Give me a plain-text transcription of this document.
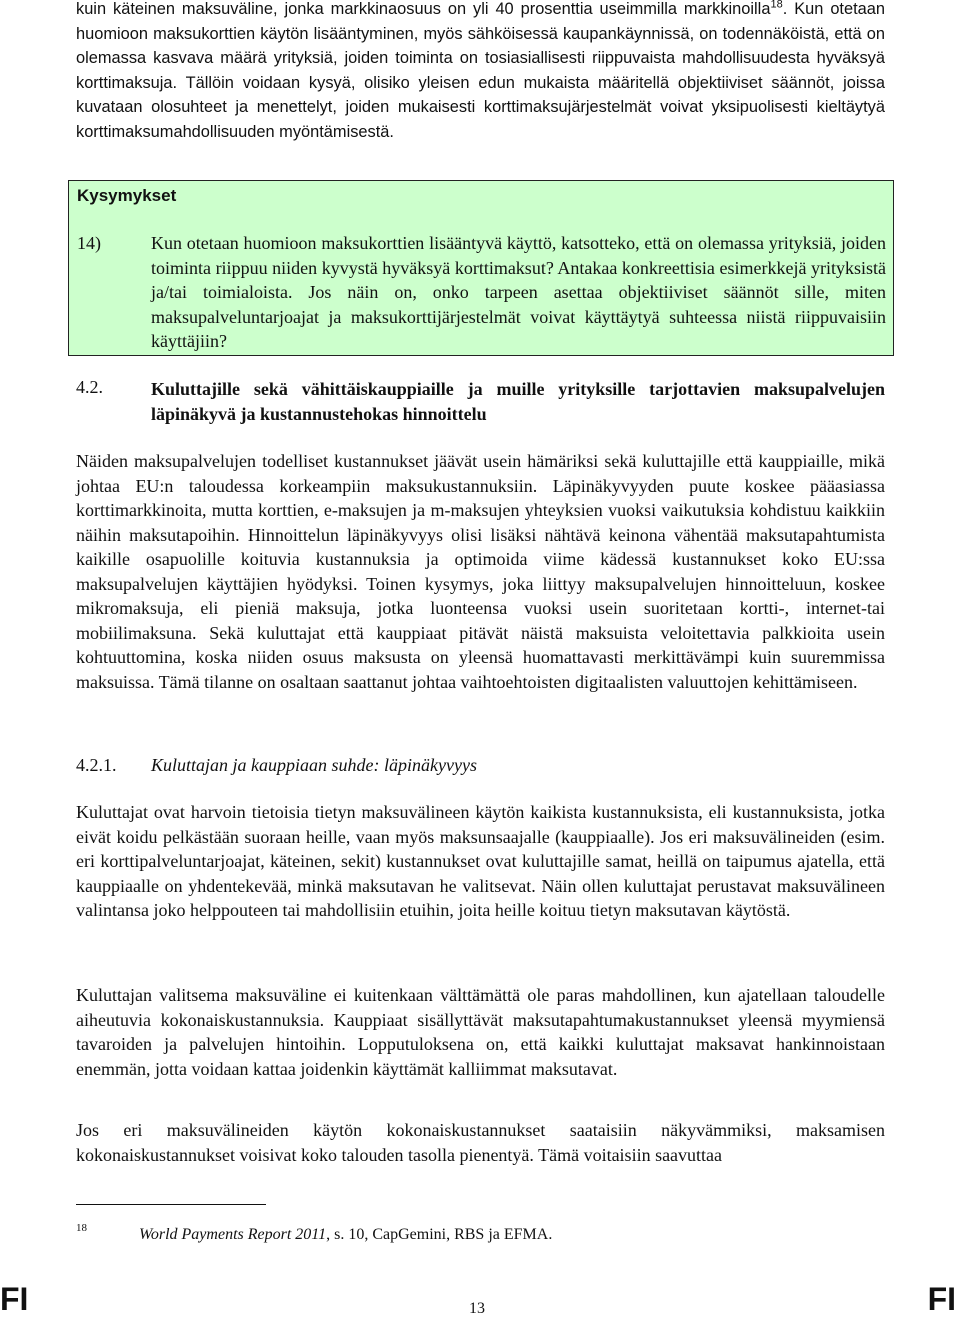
kuin käteinen maksuväline, jonka markkinaosuus on yli 40 prosenttia useimmilla markkinoilla$^{18}$. Kun otetaan huomioon maksukorttien käytön lisääntyminen, myös sähköisessä kaupankäynnissä, on todennäköistä, että on olemassa kasvava määrä yrityksiä, joiden toiminta on tosiasiallisesti riippuvaista mahdollisuudesta hyväksyä korttimaksuja. Tällöin voidaan kysyä, olisiko yleisen edun mukaista määritellä objektiiviset säännöt, joissa kuvataan olosuhteet ja menettelyt, joiden mukaisesti korttimaksujärjestelmät voivat yksipuolisesti kieltäytyä korttimaksumahdollisuuden myöntämisestä.
Kysymykset
14)	Kun otetaan huomioon maksukorttien lisääntyvä käyttö, katsotteko, että on olemassa yrityksiä, joiden toiminta riippuu niiden kyvystä hyväksyä korttimaksut? Antakaa konkreettisia esimerkkejä yrityksistä ja/tai toimialoista. Jos näin on, onko tarpeen asettaa objektiiviset säännöt sille, miten maksupalveluntarjoajat ja maksukorttijärjestelmät voivat käyttäytyä suhteessa niistä riippuvaisiin käyttäjiin?
4.2.	Kuluttajille sekä vähittäiskauppiaille ja muille yrityksille tarjottavien maksupalvelujen läpinäkyvä ja kustannustehokas hinnoittelu
Näiden maksupalvelujen todelliset kustannukset jäävät usein hämäriksi sekä kuluttajille että kauppiaille, mikä johtaa EU:n taloudessa korkeampiin maksukustannuksiin. Läpinäkyvyyden puute koskee pääasiassa korttimarkkinoita, mutta korttien, e-maksujen ja m-maksujen yhteyksien vuoksi vaikutuksia kohdistuu kaikkiin näihin maksutapoihin. Hinnoittelun läpinäkyvyys olisi lisäksi nähtävä keinona vähentää maksutapahtumista kaikille osapuolille koituvia kustannuksia ja optimoida viime kädessä kustannukset koko EU:ssa maksupalvelujen käyttäjien hyödyksi. Toinen kysymys, joka liittyy maksupalvelujen hinnoitteluun, koskee mikromaksuja, eli pieniä maksuja, jotka luonteensa vuoksi usein suoritetaan kortti-, internet-tai mobiilimaksuna. Sekä kuluttajat että kauppiaat pitävät näistä maksuista veloitettavia palkkioita usein kohtuuttomina, koska niiden osuus maksusta on yleensä huomattavasti merkittävämpi kuin suuremmissa maksuissa. Tämä tilanne on osaltaan saattanut johtaa vaihtoehtoisten digitaalisten valuuttojen kehittämiseen.
4.2.1. Kuluttajan ja kauppiaan suhde: läpinäkyvyys
Kuluttajat ovat harvoin tietoisia tietyn maksuvälineen käytön kaikista kustannuksista, eli kustannuksista, jotka eivät koidu pelkästään suoraan heille, vaan myös maksunsaajalle (kauppiaalle). Jos eri maksuvälineiden (esim. eri korttipalveluntarjoajat, käteinen, sekit) kustannukset ovat kuluttajille samat, heillä on taipumus ajatella, että kauppiaalle on yhdentekevää, minkä maksutavan he valitsevat. Näin ollen kuluttajat perustavat maksuvälineen valintansa joko helppouteen tai mahdollisiin etuihin, joita heille koituu tietyn maksutavan käytöstä.
Kuluttajan valitsema maksuväline ei kuitenkaan välttämättä ole paras mahdollinen, kun ajatellaan taloudelle aiheutuvia kokonaiskustannuksia. Kauppiaat sisällyttävät maksutapahtumakustannukset yleensä myymiensä tavaroiden ja palvelujen hintoihin. Lopputuloksena on, että kaikki kuluttajat maksavat hankinnoistaan enemmän, jotta voidaan kattaa joidenkin käyttämät kalliimmat maksutavat.
Jos eri maksuvälineiden käytön kokonaiskustannukset saataisiin näkyvämmiksi, maksamisen kokonaiskustannukset voisivat koko talouden tasolla pienentyä. Tämä voitaisiin saavuttaa
18	World Payments Report 2011, s. 10, CapGemini, RBS ja EFMA.
FI	13	FI
